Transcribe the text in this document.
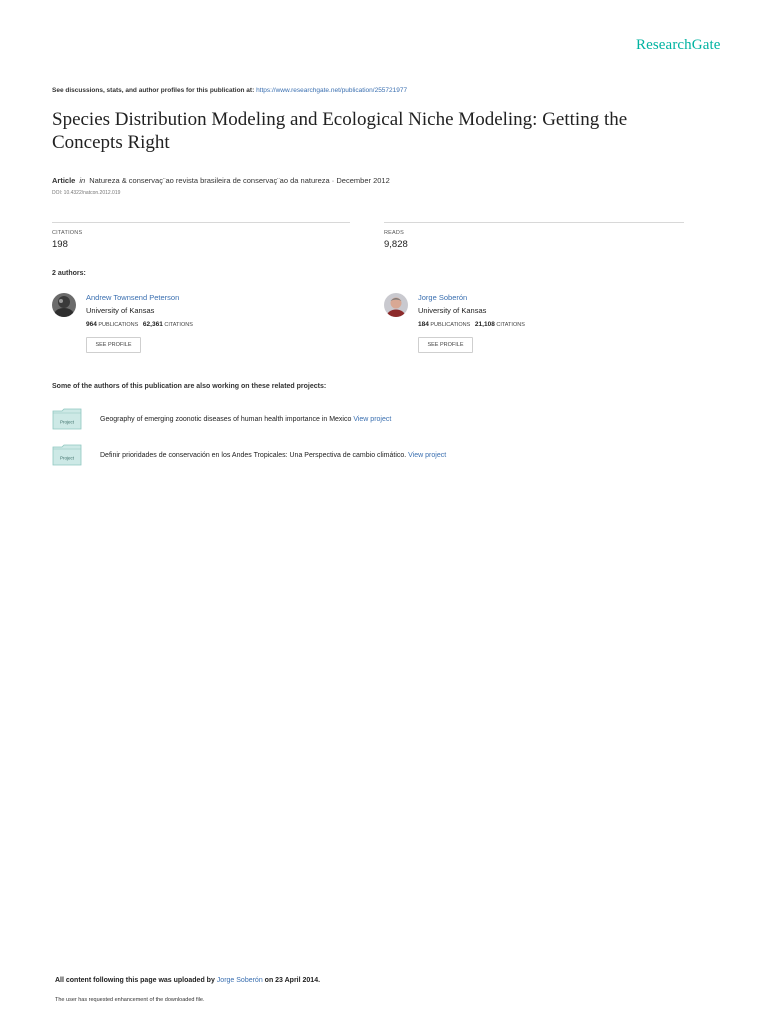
ResearchGate
See discussions, stats, and author profiles for this publication at: https://www.researchgate.net/publication/255721977
Species Distribution Modeling and Ecological Niche Modeling: Getting the Concepts Right
Article in Natureza & conservaç¨ao revista brasileira de conservaç¨ao da natureza · December 2012
DOI: 10.4322/natcon.2012.019
CITATIONS
198
READS
9,828
2 authors:
Andrew Townsend Peterson
University of Kansas
964 PUBLICATIONS 62,361 CITATIONS
SEE PROFILE
Jorge Soberón
University of Kansas
184 PUBLICATIONS 21,108 CITATIONS
SEE PROFILE
Some of the authors of this publication are also working on these related projects:
Project	Geography of emerging zoonotic diseases of human health importance in Mexico View project
Project	Definir prioridades de conservación en los Andes Tropicales: Una Perspectiva de cambio climático. View project
All content following this page was uploaded by Jorge Soberón on 23 April 2014.
The user has requested enhancement of the downloaded file.
